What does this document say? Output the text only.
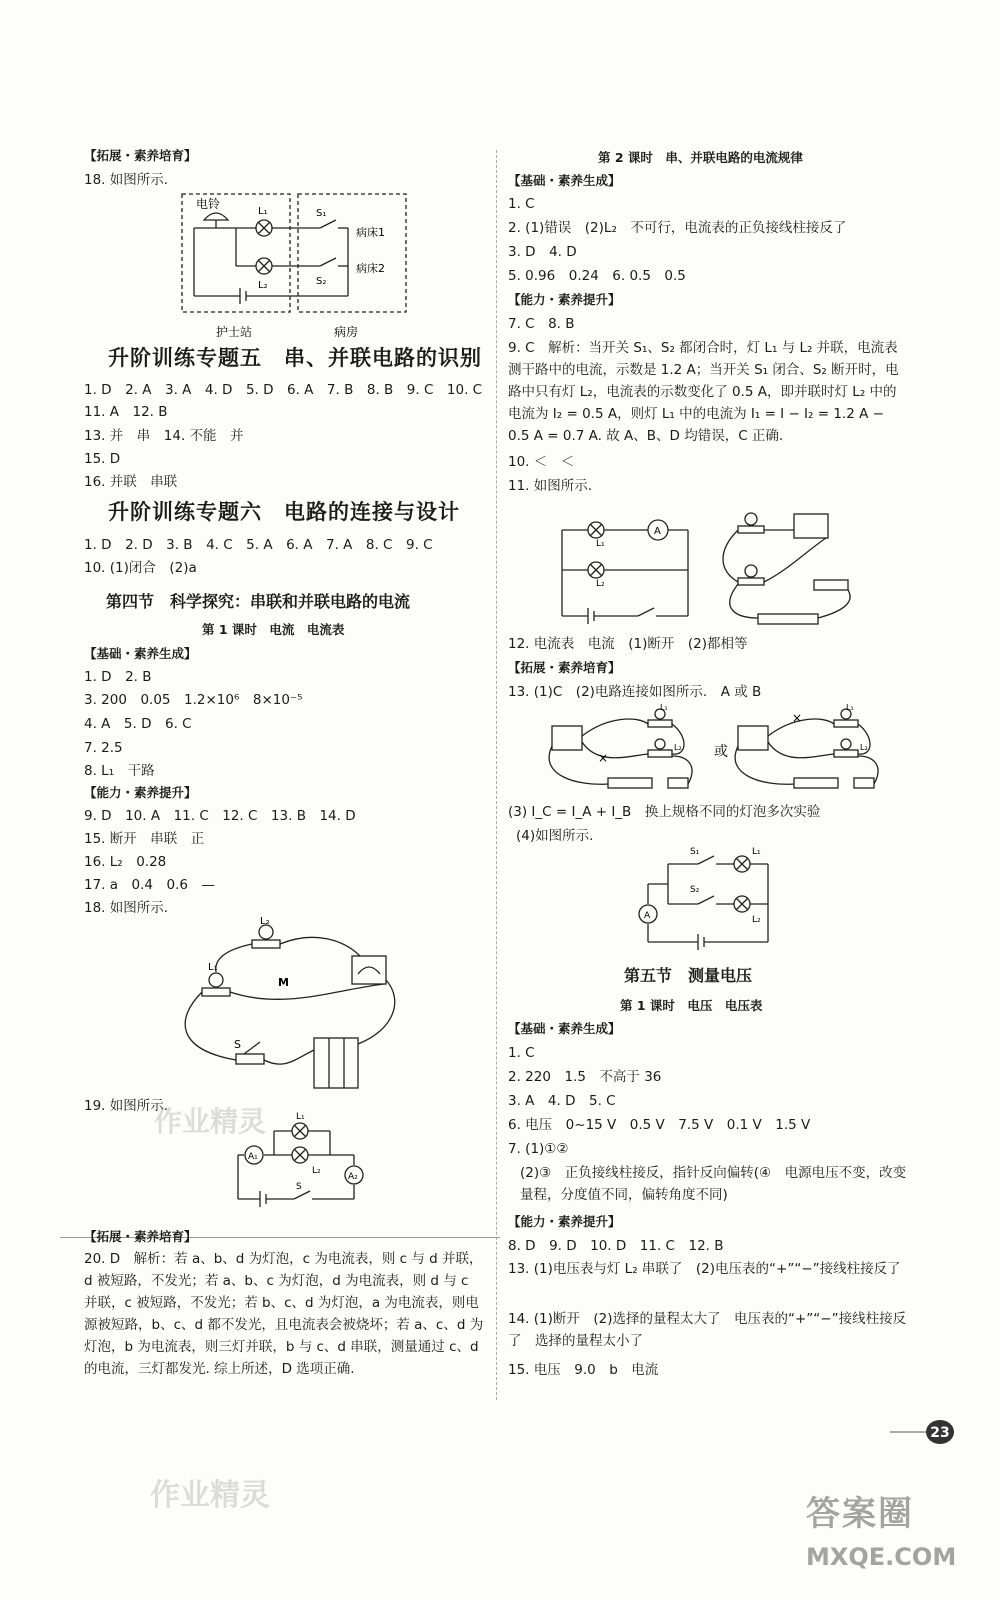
【拓展・素养培育】
18. 如图所示.
电铃
L₁
L₂
S₁
S₂
病床1
病床2
护士站	病房
升阶训练专题五　串、并联电路的识别
1. D　2. A　3. A　4. D　5. D　6. A　7. B　8. B　9. C　10. C
11. A　12. B
13. 并　串　14. 不能　并
15. D
16. 并联　串联
升阶训练专题六　电路的连接与设计
1. D　2. D　3. B　4. C　5. A　6. A　7. A　8. C　9. C
10. (1)闭合　(2)a
第四节　科学探究：串联和并联电路的电流
第 1 课时　电流　电流表
【基础・素养生成】
1. D　2. B
3. 200　0.05　1.2×10⁶　8×10⁻⁵
4. A　5. D　6. C
7. 2.5
8. L₁　干路
【能力・素养提升】
9. D　10. A　11. C　12. C　13. B　14. D
15. 断开　串联　正
16. L₂　0.28
17. a　0.4　0.6　—
18. 如图所示.
L₂
L₁
M
S
19. 如图所示.
A₁
A₂
L₁
L₂
S
【拓展・素养培育】
20. D　解析：若 a、b、d 为灯泡，c 为电流表，则 c 与 d 并联，d 被短路，不发光；若 a、b、c 为灯泡，d 为电流表，则 d 与 c 并联，c 被短路，不发光；若 b、c、d 为灯泡，a 为电流表，则电源被短路，b、c、d 都不发光，且电流表会被烧坏；若 a、c、d 为灯泡，b 为电流表，则三灯并联，b 与 c、d 串联，测量通过 c、d 的电流，三灯都发光. 综上所述，D 选项正确.
第 2 课时　串、并联电路的电流规律
【基础・素养生成】
1. C
2. (1)错误　(2)L₂　不可行，电流表的正负接线柱接反了
3. D　4. D
5. 0.96　0.24　6. 0.5　0.5
【能力・素养提升】
7. C　8. B
9. C　解析：当开关 S₁、S₂ 都闭合时，灯 L₁ 与 L₂ 并联，电流表测干路中的电流，示数是 1.2 A；当开关 S₁ 闭合、S₂ 断开时，电路中只有灯 L₂，电流表的示数变化了 0.5 A，即并联时灯 L₂ 中的电流为 I₂ = 0.5 A，则灯 L₁ 中的电流为 I₁ = I − I₂ = 1.2 A − 0.5 A = 0.7 A. 故 A、B、D 均错误，C 正确.
10. ＜　＜
11. 如图所示.
L₁
L₂
A
12. 电流表　电流　(1)断开　(2)都相等
【拓展・素养培育】
13. (1)C　(2)电路连接如图所示.　A 或 B
×
L₁
L₂ 或
×
L₁
L₂
(3) I_C = I_A + I_B　换上规格不同的灯泡多次实验
(4)如图所示.
A
S₁
S₂
L₁
L₂
第五节　测量电压
第 1 课时　电压　电压表
【基础・素养生成】
1. C
2. 220　1.5　不高于 36
3. A　4. D　5. C
6. 电压　0~15 V　0.5 V　7.5 V　0.1 V　1.5 V
7. (1)①②
(2)③　正负接线柱接反，指针反向偏转(④　电源电压不变，改变量程，分度值不同，偏转角度不同)
【能力・素养提升】
8. D　9. D　10. D　11. C　12. B
13. (1)电压表与灯 L₂ 串联了　(2)电压表的“+”“−”接线柱接反了
14. (1)断开　(2)选择的量程太大了　电压表的“+”“−”接线柱接反了　选择的量程太小了
15. 电压　9.0　b　电流
23
作业精灵
作业精灵	答案圈
MXQE.COM
